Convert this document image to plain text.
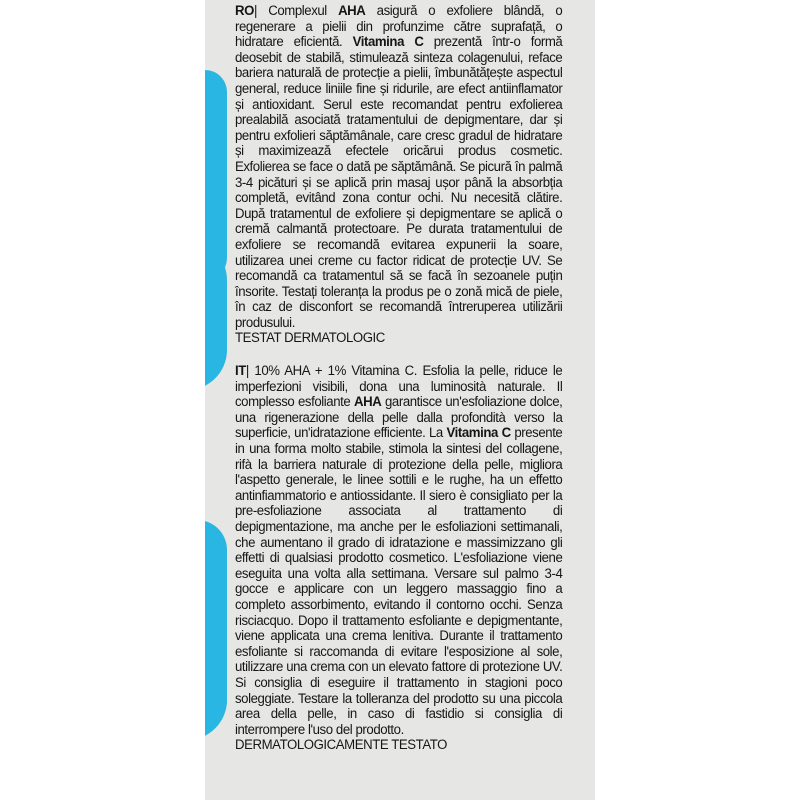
RO| Complexul AHA asigură o exfoliere blândă, o regenerare a pielii din profunzime către suprafață, o hidratare eficientă. Vitamina C prezentă într-o formă deosebit de stabilă, stimulează sinteza colagenului, reface bariera naturală de protecție a pielii, îmbunătățește aspectul general, reduce liniile fine și ridurile, are efect antiinflamator și antioxidant. Serul este recomandat pentru exfolierea prealabilă asociată tratamentului de depigmentare, dar și pentru exfolieri săptămânale, care cresc gradul de hidratare și maximizează efectele oricărui produs cosmetic. Exfolierea se face o dată pe săptămână. Se picură în palmă 3-4 picături și se aplică prin masaj ușor până la absorbția completă, evitând zona contur ochi. Nu necesită clătire. După tratamentul de exfoliere și depigmentare se aplică o cremă calmantă protectoare. Pe durata tratamentului de exfoliere se recomandă evitarea expunerii la soare, utilizarea unei creme cu factor ridicat de protecție UV. Se recomandă ca tratamentul să se facă în sezoanele puțin însorite. Testați toleranța la produs pe o zonă mică de piele, în caz de disconfort se recomandă întreruperea utilizării produsului.

TESTAT DERMATOLOGIC

IT| 10% AHA + 1% Vitamina C. Esfolia la pelle, riduce le imperfezioni visibili, dona una luminosità naturale. Il complesso esfoliante AHA garantisce un'esfoliazione dolce, una rigenerazione della pelle dalla profondità verso la superficie, un'idratazione efficiente. La Vitamina C presente in una forma molto stabile, stimola la sintesi del collagene, rifà la barriera naturale di protezione della pelle, migliora l'aspetto generale, le linee sottili e le rughe, ha un effetto antinfiammatorio e antiossidante. Il siero è consigliato per la pre-esfoliazione associata al trattamento di depigmentazione, ma anche per le esfoliazioni settimanali, che aumentano il grado di idratazione e massimizzano gli effetti di qualsiasi prodotto cosmetico. L'esfoliazione viene eseguita una volta alla settimana. Versare sul palmo 3-4 gocce e applicare con un leggero massaggio fino a completo assorbimento, evitando il contorno occhi. Senza risciacquo. Dopo il trattamento esfoliante e depigmentante, viene applicata una crema lenitiva. Durante il trattamento esfoliante si raccomanda di evitare l'esposizione al sole, utilizzare una crema con un elevato fattore di protezione UV. Si consiglia di eseguire il trattamento in stagioni poco soleggiate. Testare la tolleranza del prodotto su una piccola area della pelle, in caso di fastidio si consiglia di interrompere l'uso del prodotto.

DERMATOLOGICAMENTE TESTATO
